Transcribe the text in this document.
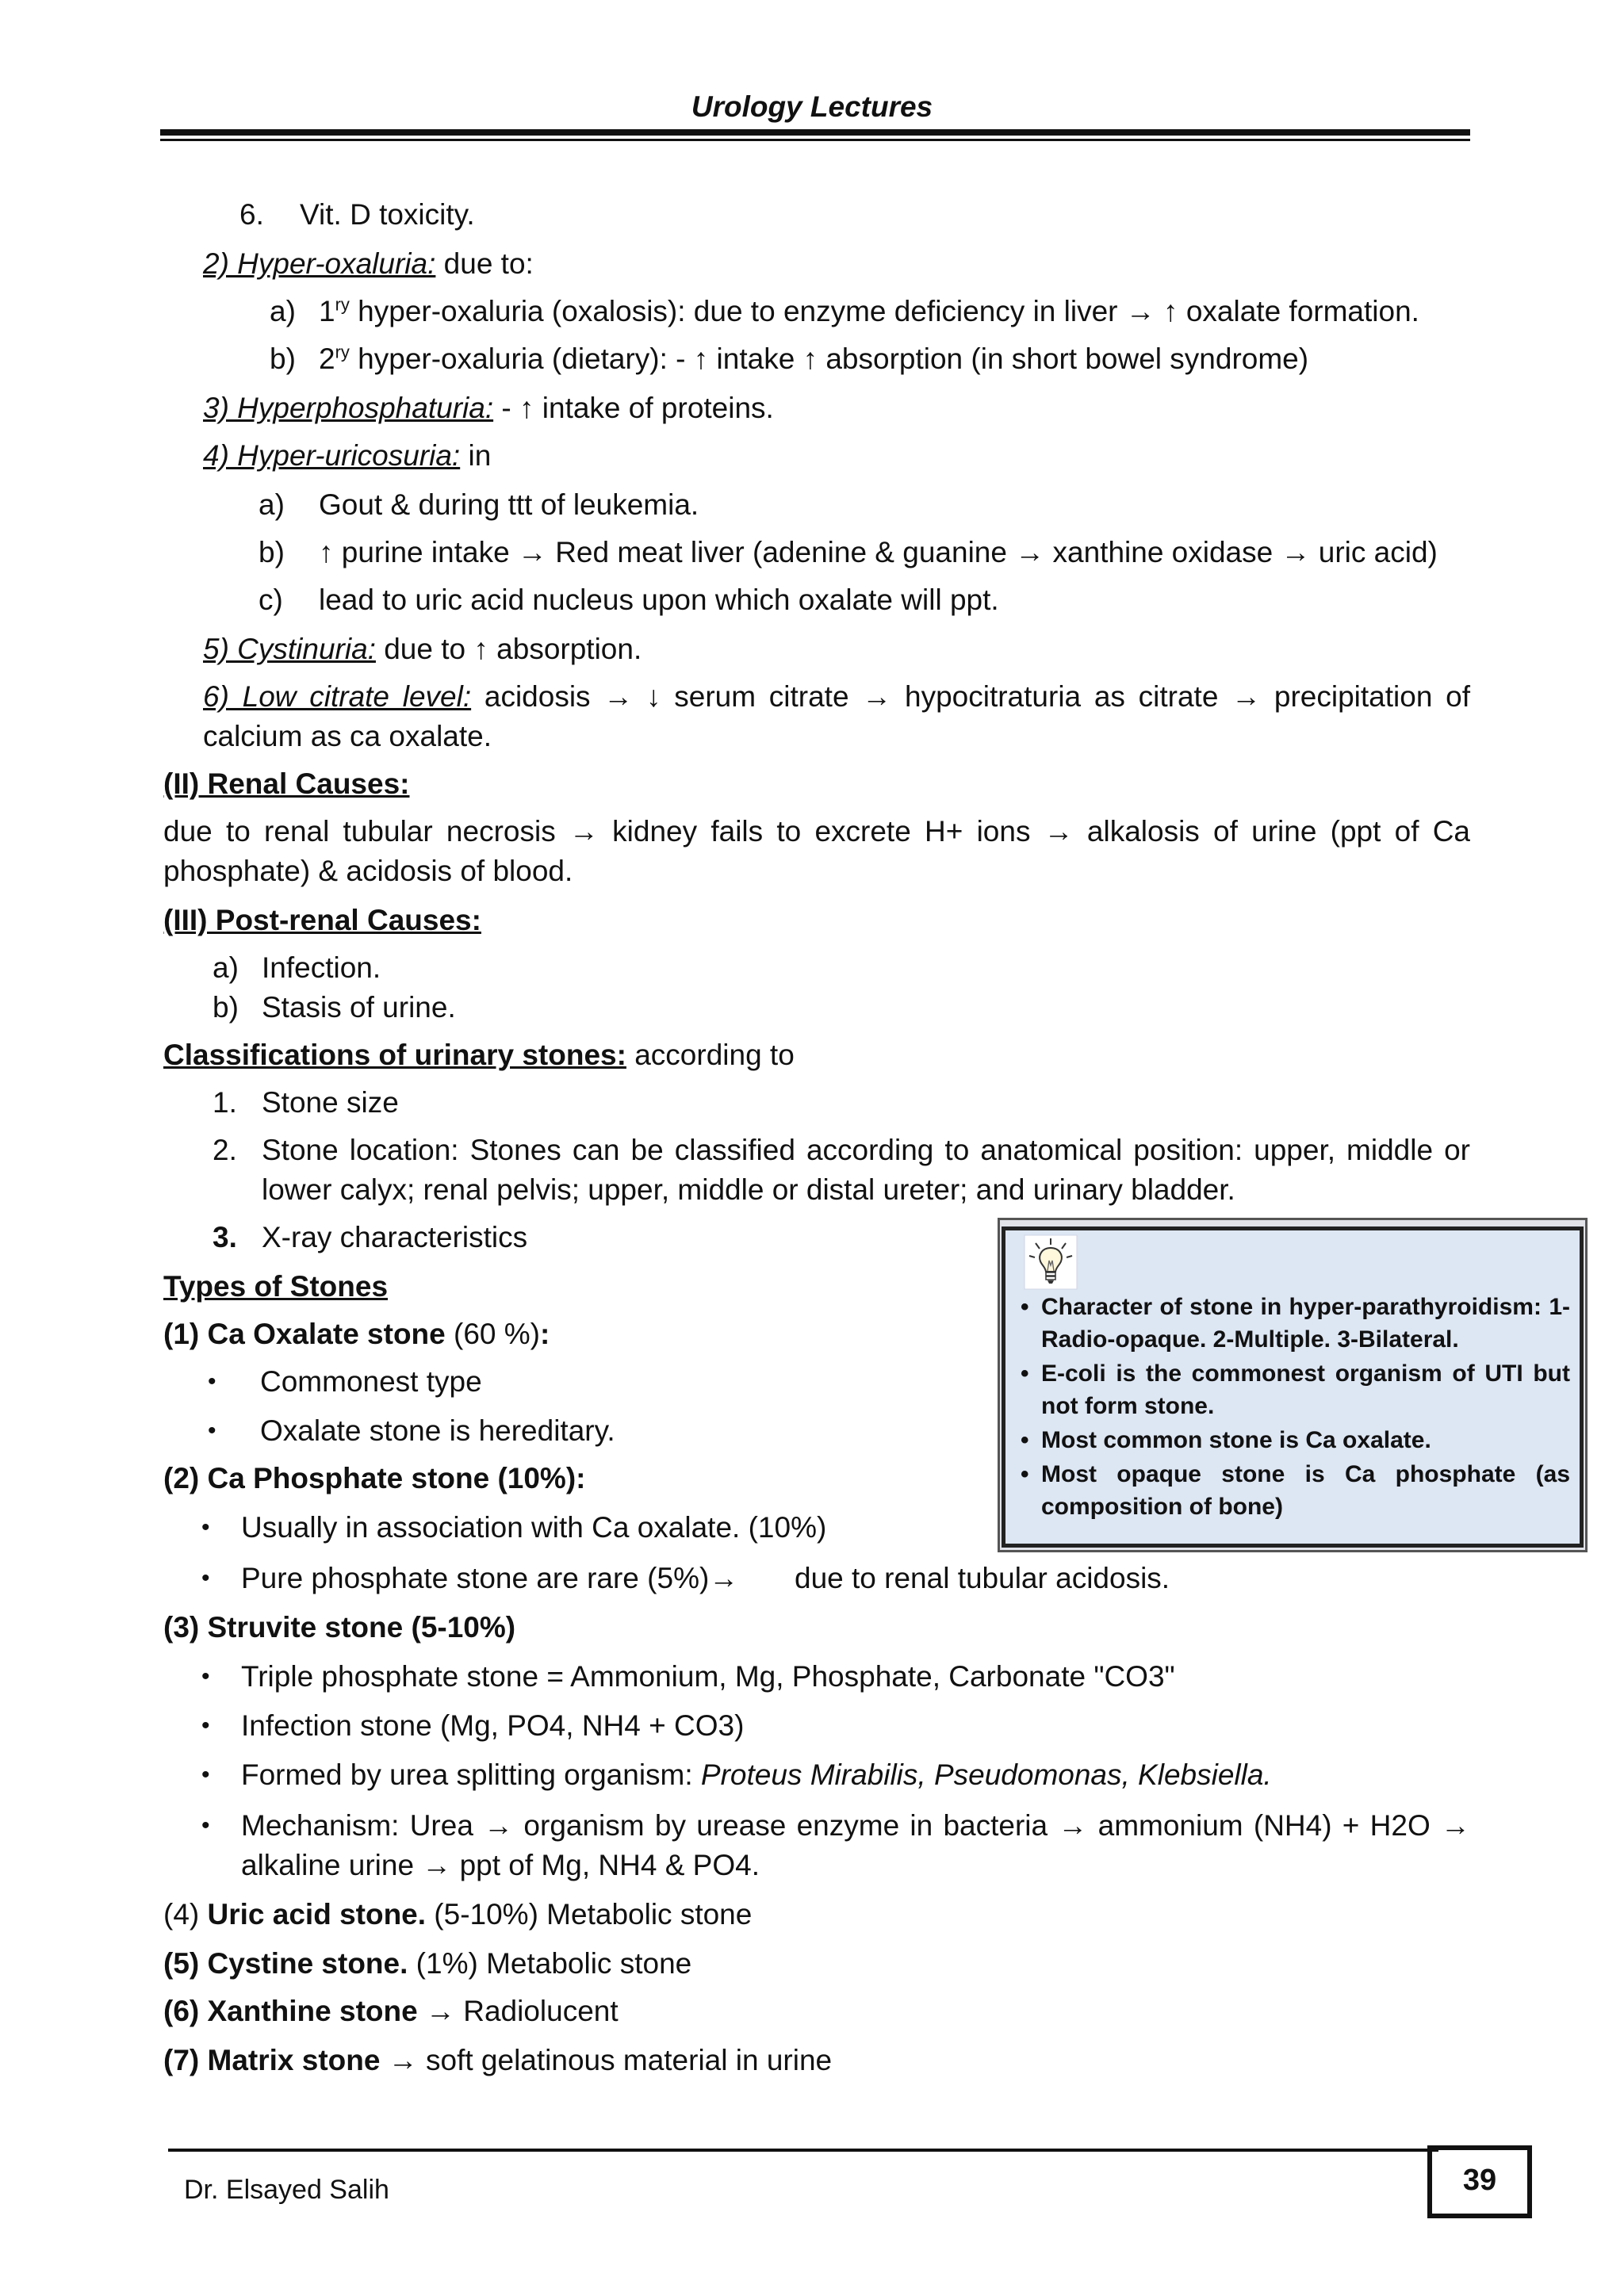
Urology Lectures
6. Vit. D toxicity.
2) Hyper-oxaluria: due to:
a) $1^{ry}$ hyper-oxaluria (oxalosis): due to enzyme deficiency in liver → ↑ oxalate formation.
b) $2^{ry}$ hyper-oxaluria (dietary): - ↑ intake ↑ absorption (in short bowel syndrome)
3) Hyperphosphaturia: - ↑ intake of proteins.
4) Hyper-uricosuria: in
a) Gout & during ttt of leukemia.
b) ↑ purine intake → Red meat liver (adenine & guanine → xanthine oxidase → uric acid)
c) lead to uric acid nucleus upon which oxalate will ppt.
5) Cystinuria: due to ↑ absorption.
6) Low citrate level: acidosis → ↓ serum citrate → hypocitraturia as citrate → precipitation of
calcium as ca oxalate.
(II) Renal Causes:
due to renal tubular necrosis → kidney fails to excrete H+ ions → alkalosis of urine (ppt of Ca
phosphate) & acidosis of blood.
(III) Post-renal Causes:
a) Infection.
b) Stasis of urine.
Classifications of urinary stones: according to
1. Stone size
2. Stone location: Stones can be classified according to anatomical position: upper, middle or
lower calyx; renal pelvis; upper, middle or distal ureter; and urinary bladder.
3. X-ray characteristics
Types of Stones
(1) Ca Oxalate stone (60 %):
• Commonest type
• Oxalate stone is hereditary.
(2) Ca Phosphate stone (10%):
• Usually in association with Ca oxalate. (10%)
• Pure phosphate stone are rare (5%)→ due to renal tubular acidosis.
(3) Struvite stone (5-10%)
• Triple phosphate stone = Ammonium, Mg, Phosphate, Carbonate "CO3"
• Infection stone (Mg, PO4, NH4 + CO3)
• Formed by urea splitting organism: Proteus Mirabilis, Pseudomonas, Klebsiella.
• Mechanism: Urea → organism by urease enzyme in bacteria → ammonium (NH4) + H2O →
alkaline urine → ppt of Mg, NH4 & PO4.
(4) Uric acid stone. (5-10%) Metabolic stone
(5) Cystine stone. (1%) Metabolic stone
(6) Xanthine stone → Radiolucent
(7) Matrix stone → soft gelatinous material in urine
• Character of stone in hyper-parathyroidism: 1-Radio-opaque. 2-Multiple. 3-Bilateral.
• E-coli is the commonest organism of UTI but not form stone.
• Most common stone is Ca oxalate.
• Most opaque stone is Ca phosphate (as composition of bone)
Dr. Elsayed Salih	39
